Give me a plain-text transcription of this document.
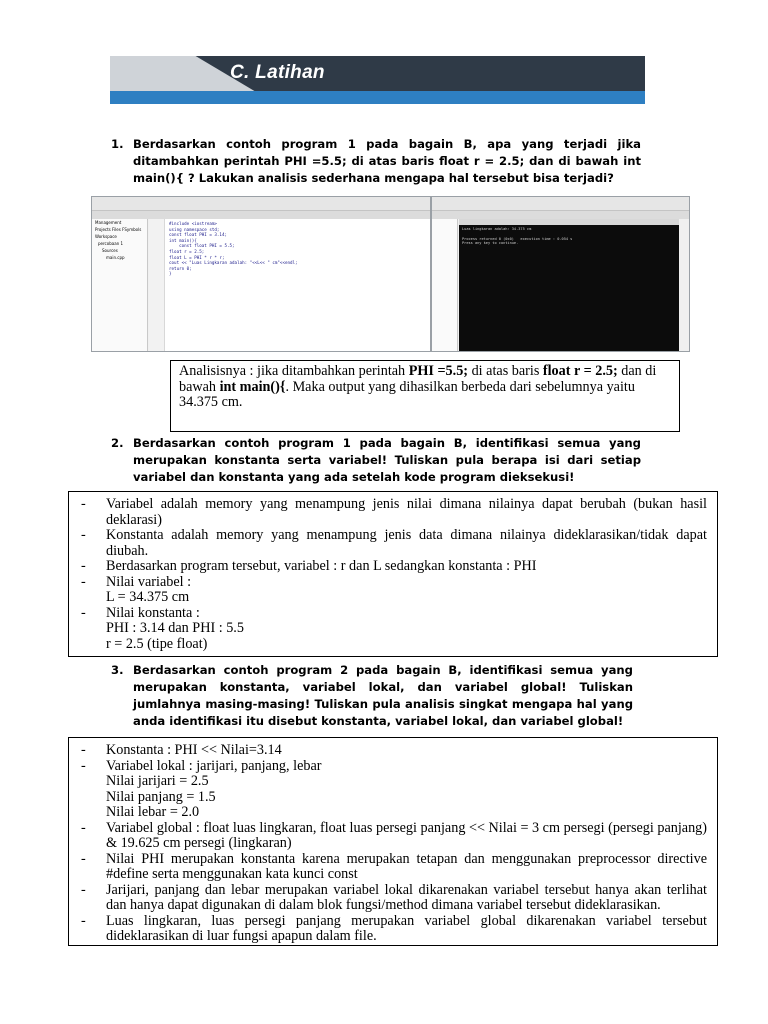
C. Latihan
1. Berdasarkan contoh program 1 pada bagain B, apa yang terjadi jika ditambahkan perintah PHI =5.5; di atas baris float r = 2.5; dan di bawah int main(){ ? Lakukan analisis sederhana mengapa hal tersebut bisa terjadi?
Management
Projects Files FSymbols
Workspace
percobaan 1
Sources
main.cpp
#include <iostream>
using namespace std;
const float PHI = 3.14;
int main(){
const float PHI = 5.5;
float r = 2.5;
float L = PHI * r * r;
cout << "Luas Lingkaran adalah: "<<L<< " cm"<<endl;
return 0;
}
Luas lingkaran adalah: 34.375 cm
Process returned 0 (0x0)   execution time : 0.054 s
Press any key to continue.
Analisisnya : jika ditambahkan perintah PHI =5.5; di atas baris float r = 2.5; dan di bawah int main(){. Maka output yang dihasilkan berbeda dari sebelumnya yaitu 34.375 cm.
2. Berdasarkan contoh program 1 pada bagain B, identifikasi semua yang merupakan konstanta serta variabel! Tuliskan pula berapa isi dari setiap variabel dan konstanta yang ada setelah kode program dieksekusi!
- Variabel adalah memory yang menampung jenis nilai dimana nilainya dapat berubah (bukan hasil deklarasi)
- Konstanta adalah memory yang menampung jenis data dimana nilainya dideklarasikan/tidak dapat diubah.
- Berdasarkan program tersebut, variabel : r dan L sedangkan konstanta : PHI
- Nilai variabel :
L = 34.375 cm
- Nilai konstanta :
PHI : 3.14 dan PHI : 5.5
r = 2.5 (tipe float)
3. Berdasarkan contoh program 2 pada bagain B, identifikasi semua yang merupakan konstanta, variabel lokal, dan variabel global! Tuliskan jumlahnya masing-masing! Tuliskan pula analisis singkat mengapa hal yang anda identifikasi itu disebut konstanta, variabel lokal, dan variabel global!
- Konstanta : PHI << Nilai=3.14
- Variabel lokal : jarijari, panjang, lebar
Nilai jarijari = 2.5
Nilai panjang = 1.5
Nilai lebar = 2.0
- Variabel global : float luas lingkaran, float luas persegi panjang << Nilai = 3 cm persegi (persegi panjang) & 19.625 cm persegi (lingkaran)
- Nilai PHI merupakan konstanta karena merupakan tetapan dan menggunakan preprocessor directive #define serta menggunakan kata kunci const
- Jarijari, panjang dan lebar merupakan variabel lokal dikarenakan variabel tersebut hanya akan terlihat dan hanya dapat digunakan di dalam blok fungsi/method dimana variabel tersebut dideklarasikan.
- Luas lingkaran, luas persegi panjang merupakan variabel global dikarenakan variabel tersebut dideklarasikan di luar fungsi apapun dalam file.
